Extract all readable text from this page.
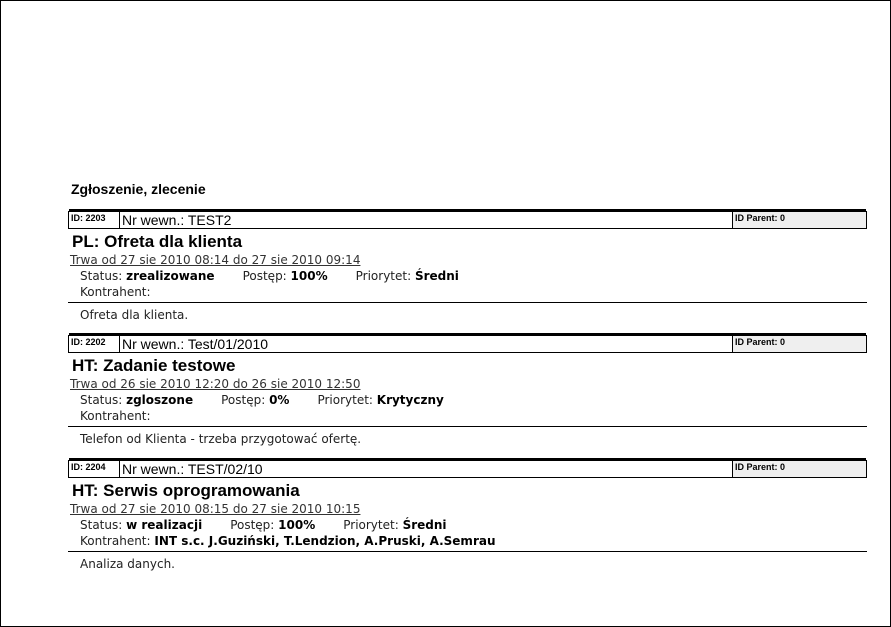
Zgłoszenie, zlecenie
ID: 2203	Nr wewn.: TEST2	ID Parent: 0
PL: Ofreta dla klienta
Trwa od 27 sie 2010 08:14 do 27 sie 2010 09:14
Status: zrealizowane Postęp: 100% Priorytet: Średni
Kontrahent:
Ofreta dla klienta.
ID: 2202	Nr wewn.: Test/01/2010	ID Parent: 0
HT: Zadanie testowe
Trwa od 26 sie 2010 12:20 do 26 sie 2010 12:50
Status: zgloszone Postęp: 0% Priorytet: Krytyczny
Kontrahent:
Telefon od Klienta - trzeba przygotować ofertę.
ID: 2204	Nr wewn.: TEST/02/10	ID Parent: 0
HT: Serwis oprogramowania
Trwa od 27 sie 2010 08:15 do 27 sie 2010 10:15
Status: w realizacji Postęp: 100% Priorytet: Średni
Kontrahent: INT s.c. J.Guziński, T.Lendzion, A.Pruski, A.Semrau
Analiza danych.
